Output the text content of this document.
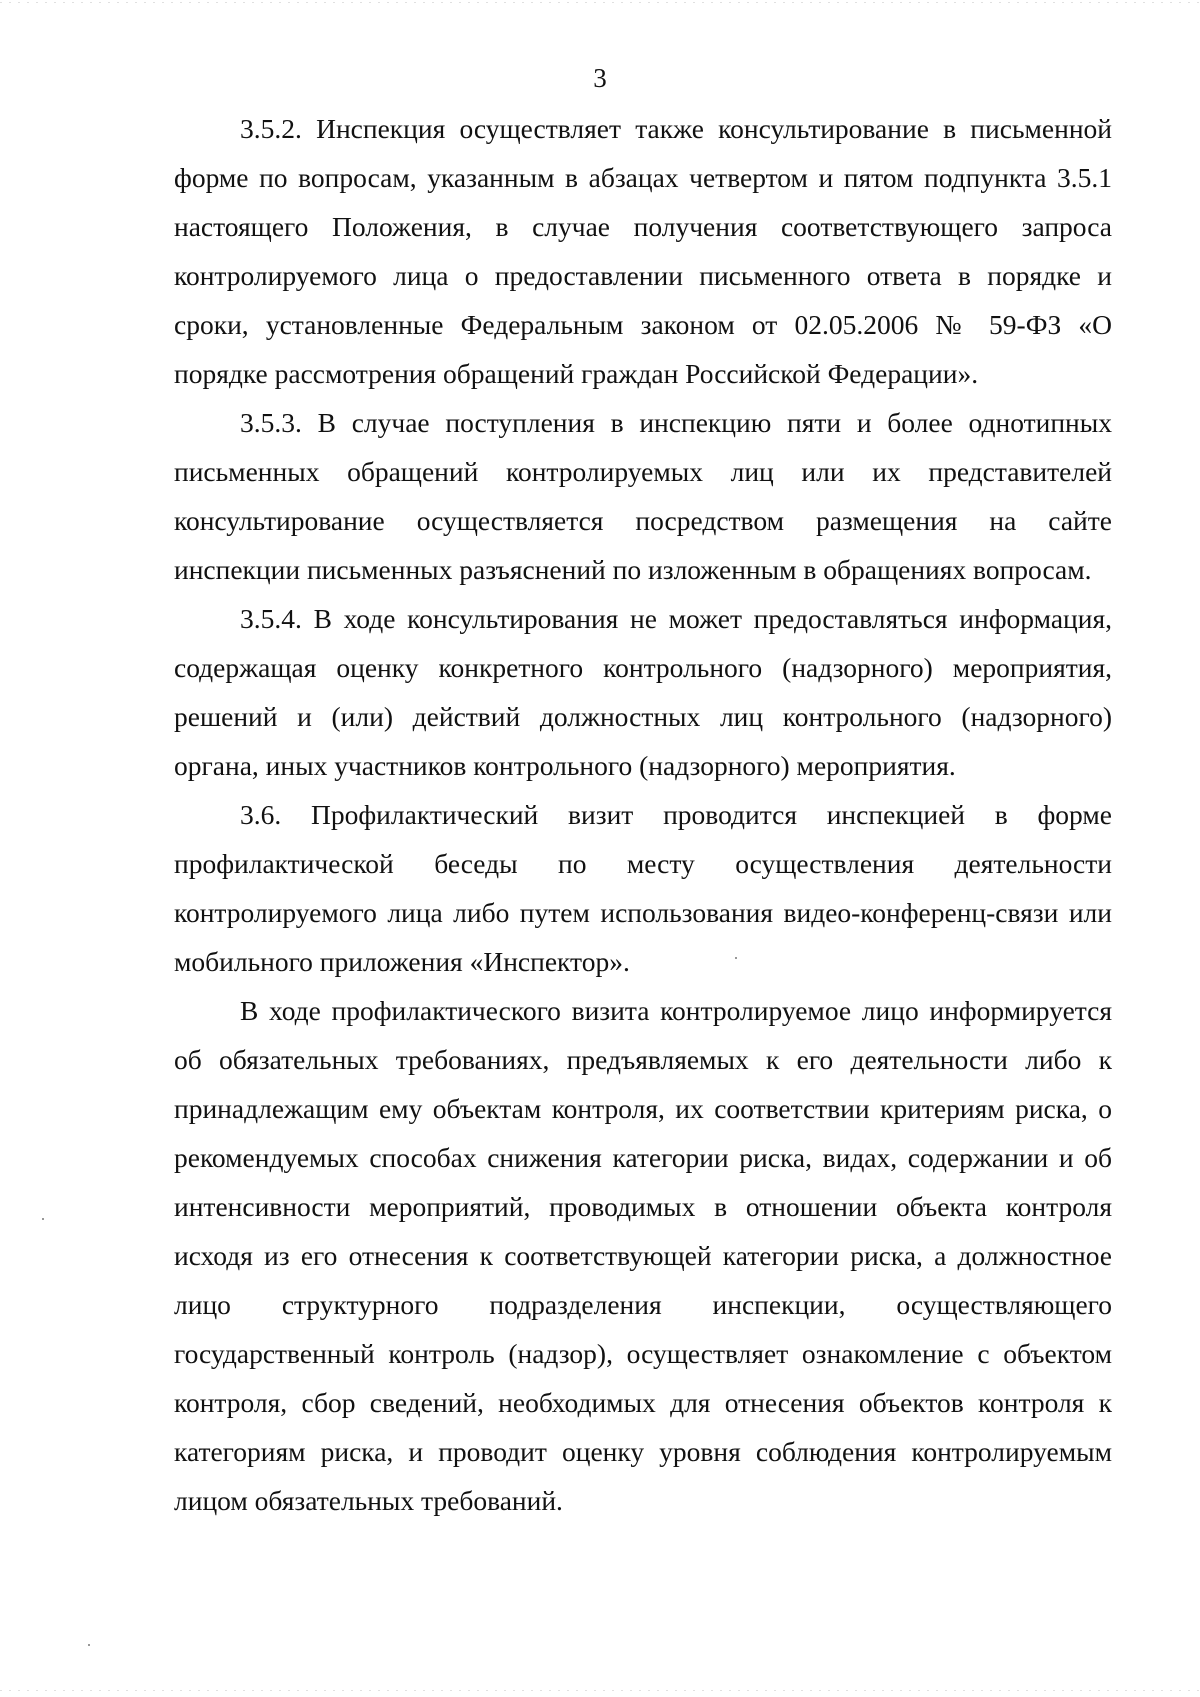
3

3.5.2. Инспекция осуществляет также консультирование в письменной форме по вопросам, указанным в абзацах четвертом и пятом подпункта 3.5.1 настоящего Положения, в случае получения соответствующего запроса контролируемого лица о предоставлении письменного ответа в порядке и сроки, установленные Федеральным законом от 02.05.2006 № 59-ФЗ «О порядке рассмотрения обращений граждан Российской Федерации».

3.5.3. В случае поступления в инспекцию пяти и более однотипных письменных обращений контролируемых лиц или их представителей консультирование осуществляется посредством размещения на сайте инспекции письменных разъяснений по изложенным в обращениях вопросам.

3.5.4. В ходе консультирования не может предоставляться информация, содержащая оценку конкретного контрольного (надзорного) мероприятия, решений и (или) действий должностных лиц контрольного (надзорного) органа, иных участников контрольного (надзорного) мероприятия.

3.6. Профилактический визит проводится инспекцией в форме профилактической беседы по месту осуществления деятельности контролируемого лица либо путем использования видео-конференц-связи или мобильного приложения «Инспектор».

В ходе профилактического визита контролируемое лицо информируется об обязательных требованиях, предъявляемых к его деятельности либо к принадлежащим ему объектам контроля, их соответствии критериям риска, о рекомендуемых способах снижения категории риска, видах, содержании и об интенсивности мероприятий, проводимых в отношении объекта контроля исходя из его отнесения к соответствующей категории риска, а должностное лицо структурного подразделения инспекции, осуществляющего государственный контроль (надзор), осуществляет ознакомление с объектом контроля, сбор сведений, необходимых для отнесения объектов контроля к категориям риска, и проводит оценку уровня соблюдения контролируемым лицом обязательных требований.
